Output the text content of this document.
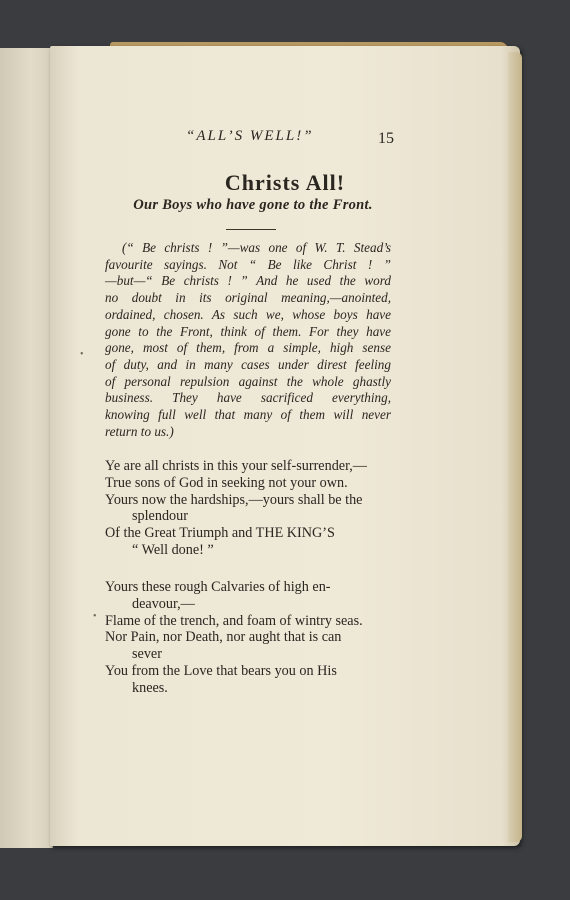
“ALL’S WELL!”	15
Christs All!
Our Boys who have gone to the Front.
(“ Be christs ! ”—was one of W. T. Stead’s
favourite sayings. Not “ Be like Christ ! ”
—but—“ Be christs ! ” And he used the word
no doubt in its original meaning,—anointed,
ordained, chosen. As such we, whose boys have
gone to the Front, think of them. For they have
gone, most of them, from a simple, high sense
of duty, and in many cases under direst feeling
of personal repulsion against the whole ghastly
business. They have sacrificed everything,
knowing full well that many of them will never
return to us.)
Ye are all christs in this your self-surrender,—
True sons of God in seeking not your own.
Yours now the hardships,—yours shall be the
splendour
Of the Great Triumph and THE KING’S
“ Well done! ”
Yours these rough Calvaries of high en-
deavour,—
Flame of the trench, and foam of wintry seas.
Nor Pain, nor Death, nor aught that is can
sever
You from the Love that bears you on His
knees.
•
•
